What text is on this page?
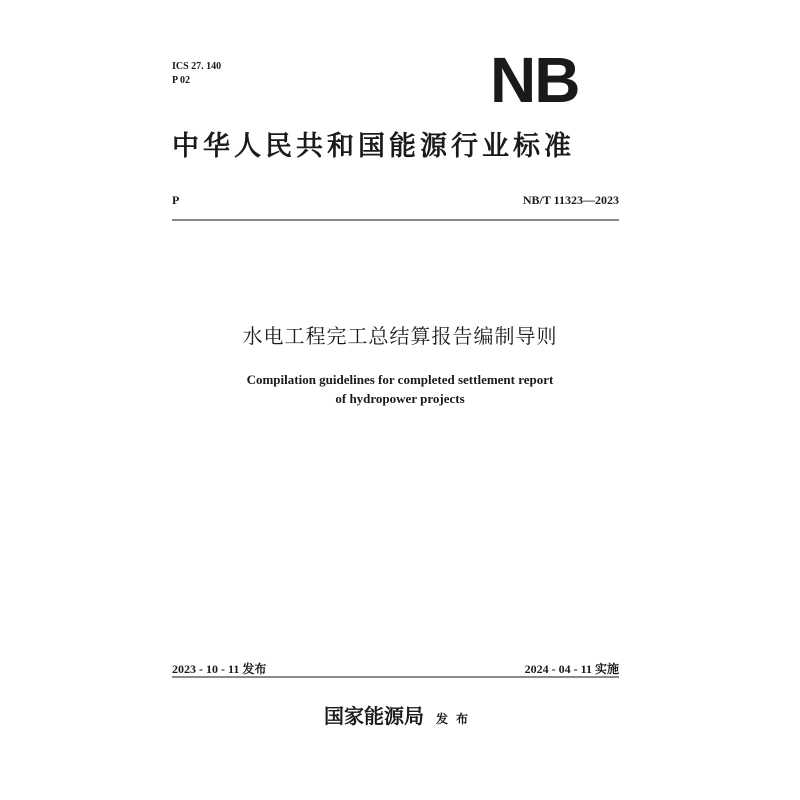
ICS 27. 140
P 02	NB
中华人民共和国能源行业标准
P	NB/T 11323—2023
水电工程完工总结算报告编制导则
Compilation guidelines for completed settlement report
of hydropower projects
2023 - 10 - 11 发布	2024 - 04 - 11 实施
国家能源局 发布
